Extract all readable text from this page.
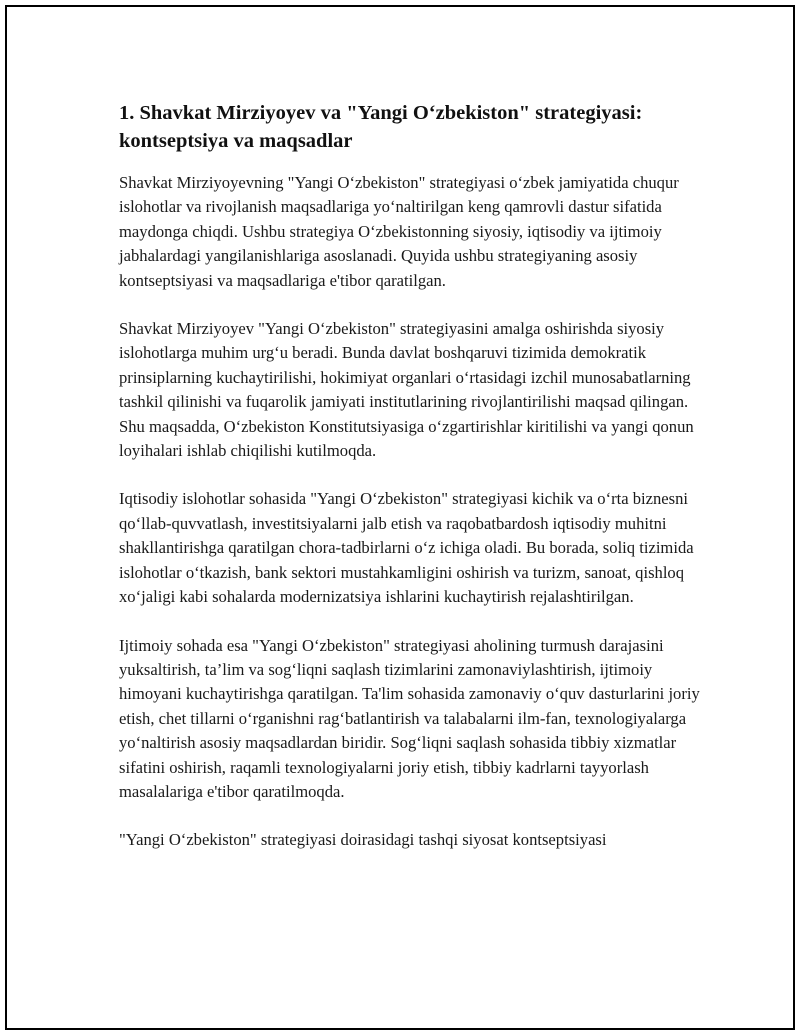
1. Shavkat Mirziyoyev va "Yangi O‘zbekiston" strategiyasi: kontseptsiya va maqsadlar

Shavkat Mirziyoyevning "Yangi O‘zbekiston" strategiyasi o‘zbek jamiyatida chuqur islohotlar va rivojlanish maqsadlariga yo‘naltirilgan keng qamrovli dastur sifatida maydonga chiqdi. Ushbu strategiya O‘zbekistonning siyosiy, iqtisodiy va ijtimoiy jabhalardagi yangilanishlariga asoslanadi. Quyida ushbu strategiyaning asosiy kontseptsiyasi va maqsadlariga e'tibor qaratilgan.

Shavkat Mirziyoyev "Yangi O‘zbekiston" strategiyasini amalga oshirishda siyosiy islohotlarga muhim urg‘u beradi. Bunda davlat boshqaruvi tizimida demokratik prinsiplarning kuchaytirilishi, hokimiyat organlari o‘rtasidagi izchil munosabatlarning tashkil qilinishi va fuqarolik jamiyati institutlarining rivojlantirilishi maqsad qilingan. Shu maqsadda, O‘zbekiston Konstitutsiyasiga o‘zgartirishlar kiritilishi va yangi qonun loyihalari ishlab chiqilishi kutilmoqda.

Iqtisodiy islohotlar sohasida "Yangi O‘zbekiston" strategiyasi kichik va o‘rta biznesni qo‘llab-quvvatlash, investitsiyalarni jalb etish va raqobatbardosh iqtisodiy muhitni shakllantirishga qaratilgan chora-tadbirlarni o‘z ichiga oladi. Bu borada, soliq tizimida islohotlar o‘tkazish, bank sektori mustahkamligini oshirish va turizm, sanoat, qishloq xo‘jaligi kabi sohalarda modernizatsiya ishlarini kuchaytirish rejalashtirilgan.

Ijtimoiy sohada esa "Yangi O‘zbekiston" strategiyasi aholining turmush darajasini yuksaltirish, ta’lim va sog‘liqni saqlash tizimlarini zamonaviylashtirish, ijtimoiy himoyani kuchaytirishga qaratilgan. Ta'lim sohasida zamonaviy o‘quv dasturlarini joriy etish, chet tillarni o‘rganishni rag‘batlantirish va talabalarni ilm-fan, texnologiyalarga yo‘naltirish asosiy maqsadlardan biridir. Sog‘liqni saqlash sohasida tibbiy xizmatlar sifatini oshirish, raqamli texnologiyalarni joriy etish, tibbiy kadrlarni tayyorlash masalalariga e'tibor qaratilmoqda.

"Yangi O‘zbekiston" strategiyasi doirasidagi tashqi siyosat kontseptsiyasi
